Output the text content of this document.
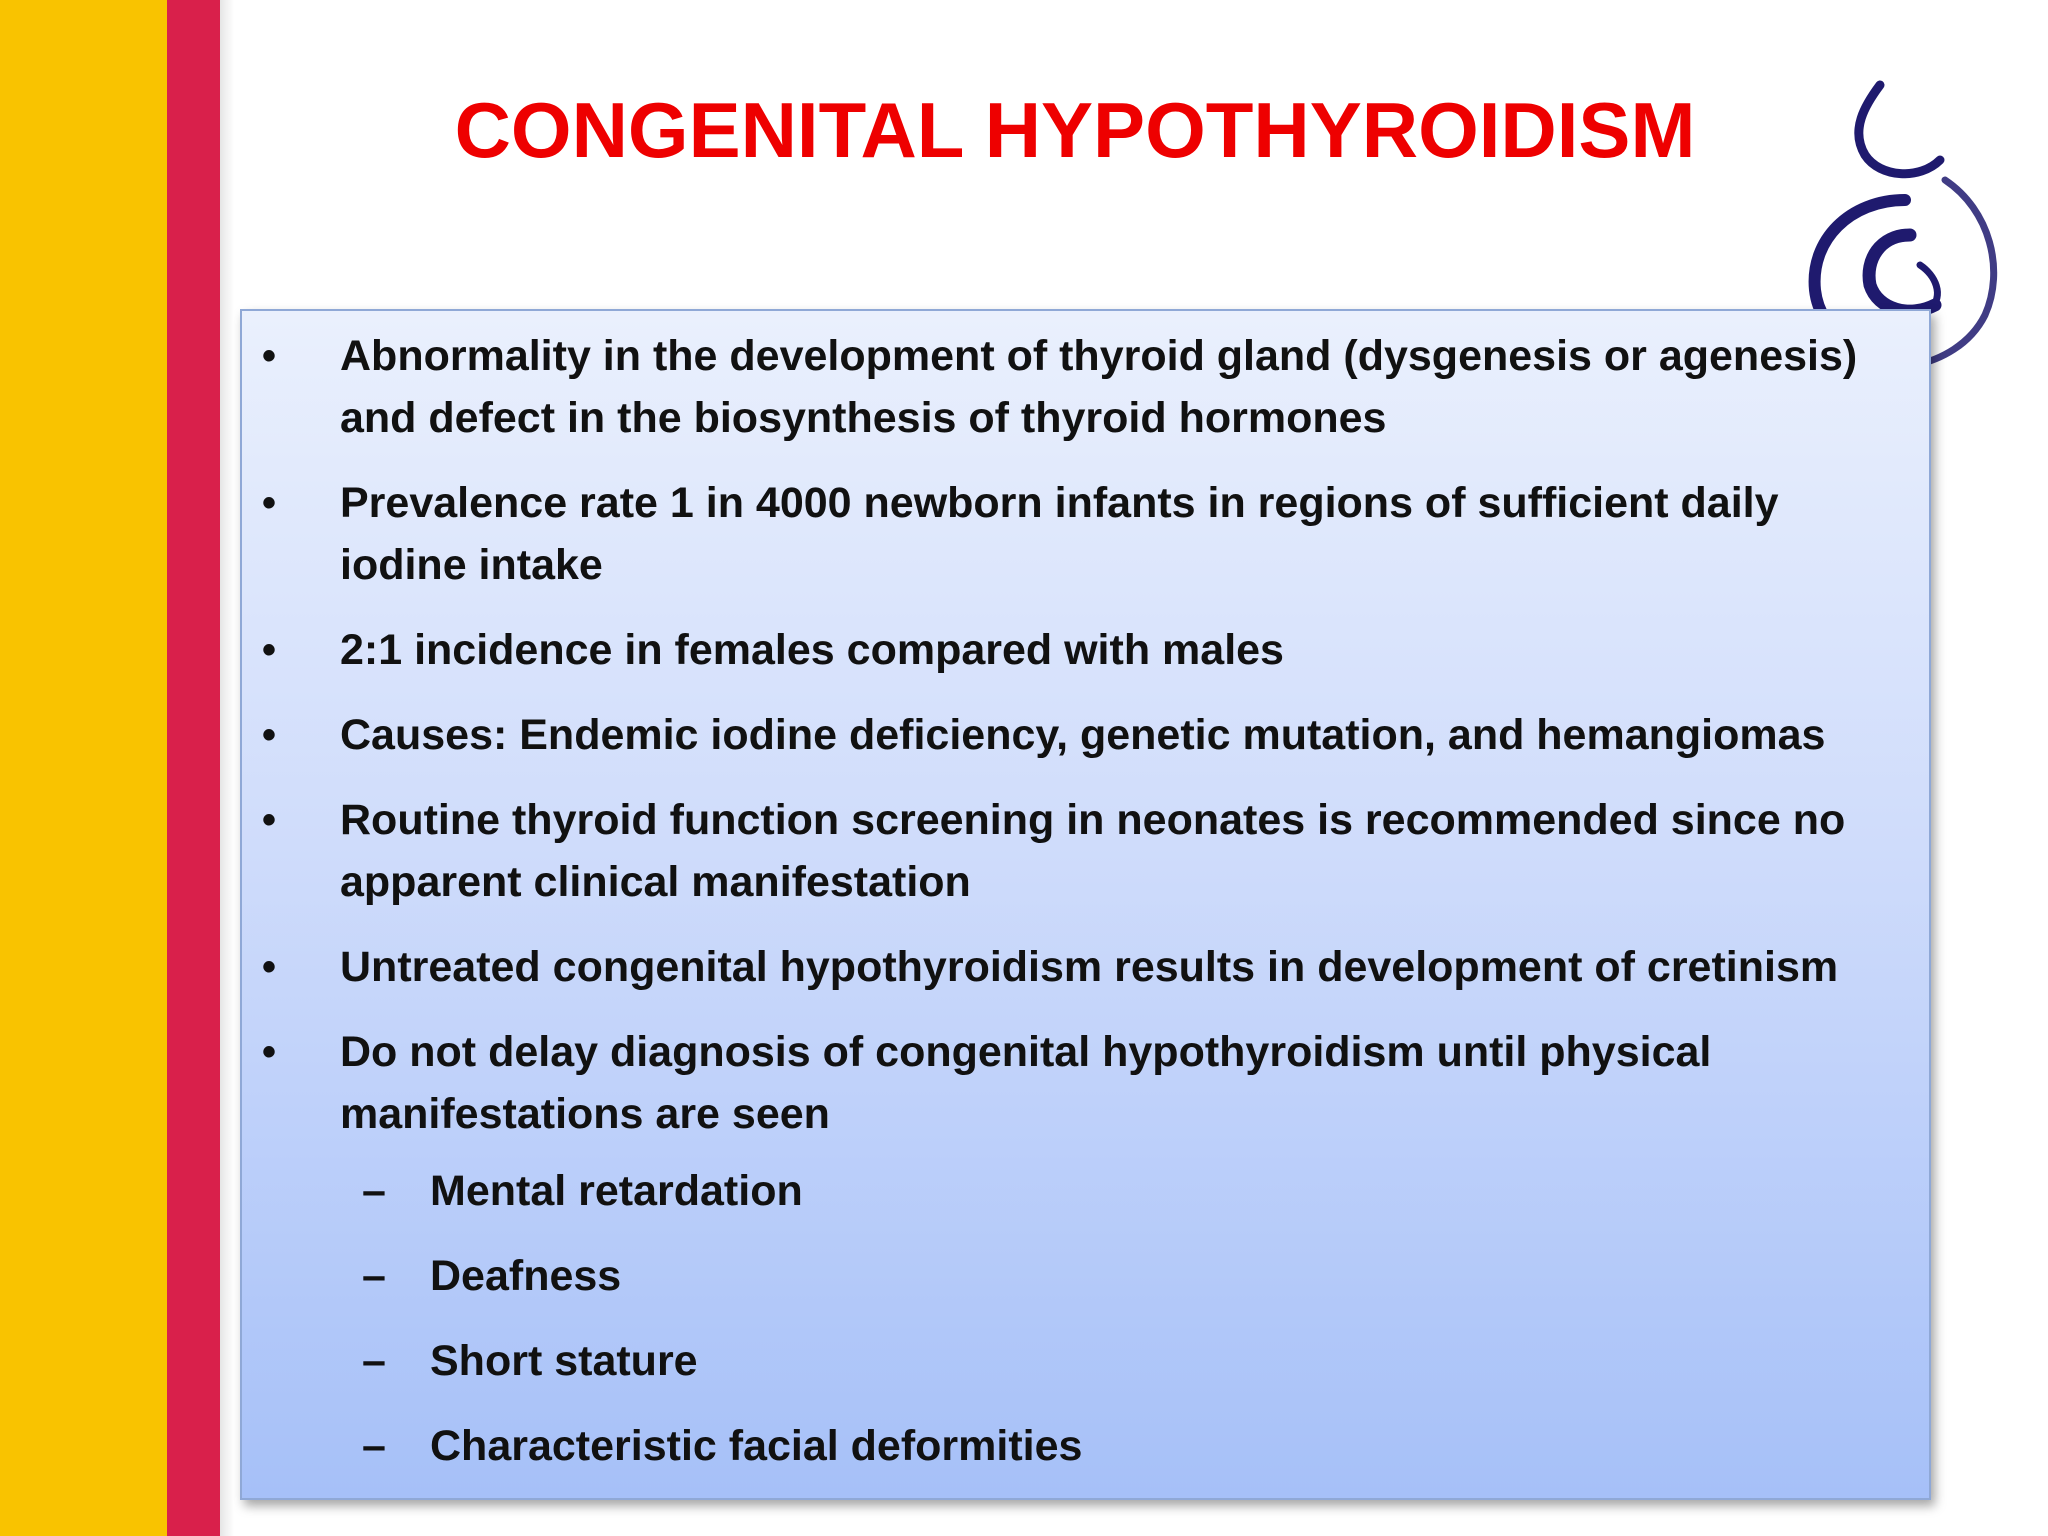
CONGENITAL HYPOTHYROIDISM
•	Abnormality in the development of thyroid gland (dysgenesis or agenesis) and defect in the biosynthesis of thyroid hormones
•	Prevalence rate 1 in 4000 newborn infants in regions of sufficient daily iodine intake
•	2:1 incidence in females compared with males
•	Causes: Endemic iodine deficiency, genetic mutation, and hemangiomas
•	Routine thyroid function screening in neonates is recommended since no apparent clinical manifestation
•	Untreated congenital hypothyroidism results in development of cretinism
•	Do not delay diagnosis of congenital hypothyroidism until physical manifestations are seen
– Mental retardation
– Deafness
– Short stature
– Characteristic facial deformities
